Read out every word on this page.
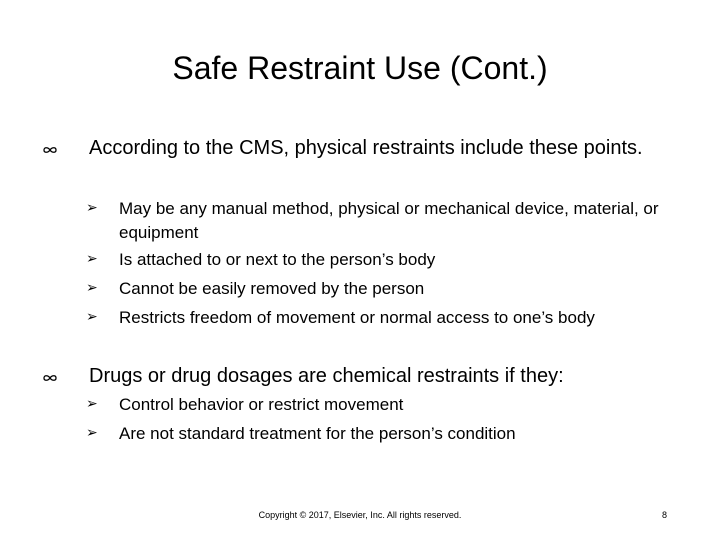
Safe Restraint Use (Cont.)
According to the CMS, physical restraints include these points.
➢ May be any manual method, physical or mechanical device, material, or equipment
➢ Is attached to or next to the person’s body
➢ Cannot be easily removed by the person
➢ Restricts freedom of movement or normal access to one’s body
Drugs or drug dosages are chemical restraints if they:
➢ Control behavior or restrict movement
➢ Are not standard treatment for the person’s condition
Copyright © 2017, Elsevier, Inc. All rights reserved.	8
